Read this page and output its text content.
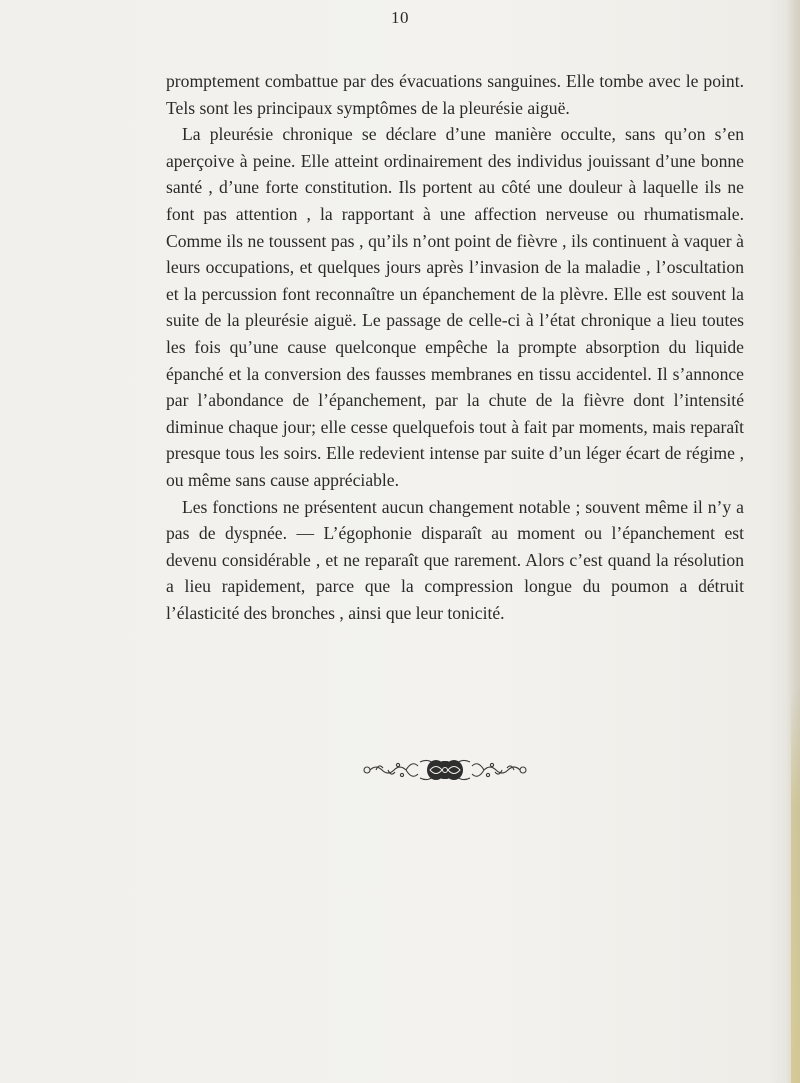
10

promptement combattue par des évacuations sanguines. Elle tombe avec le point. Tels sont les principaux symptômes de la pleurésie aiguë.

La pleurésie chronique se déclare d’une manière occulte, sans qu’on s’en aperçoive à peine. Elle atteint ordinairement des individus jouissant d’une bonne santé , d’une forte constitution. Ils portent au côté une douleur à laquelle ils ne font pas attention , la rapportant à une affection nerveuse ou rhumatismale. Comme ils ne toussent pas , qu’ils n’ont point de fièvre , ils continuent à vaquer à leurs occupations, et quelques jours après l’invasion de la maladie , l’oscultation et la percussion font reconnaître un épanchement de la plèvre. Elle est souvent la suite de la pleurésie aiguë. Le passage de celle-ci à l’état chronique a lieu toutes les fois qu’une cause quelconque empêche la prompte absorption du liquide épanché et la conversion des fausses membranes en tissu accidentel. Il s’annonce par l’abondance de l’épanchement, par la chute de la fièvre dont l’intensité diminue chaque jour; elle cesse quelquefois tout à fait par moments, mais reparaît presque tous les soirs. Elle redevient intense par suite d’un léger écart de régime , ou même sans cause appréciable.

Les fonctions ne présentent aucun changement notable ; souvent même il n’y a pas de dyspnée. — L’égophonie disparaît au moment ou l’épanchement est devenu considérable , et ne reparaît que rarement. Alors c’est quand la résolution a lieu rapidement, parce que la compression longue du poumon a détruit l’élasticité des bronches , ainsi que leur tonicité.
